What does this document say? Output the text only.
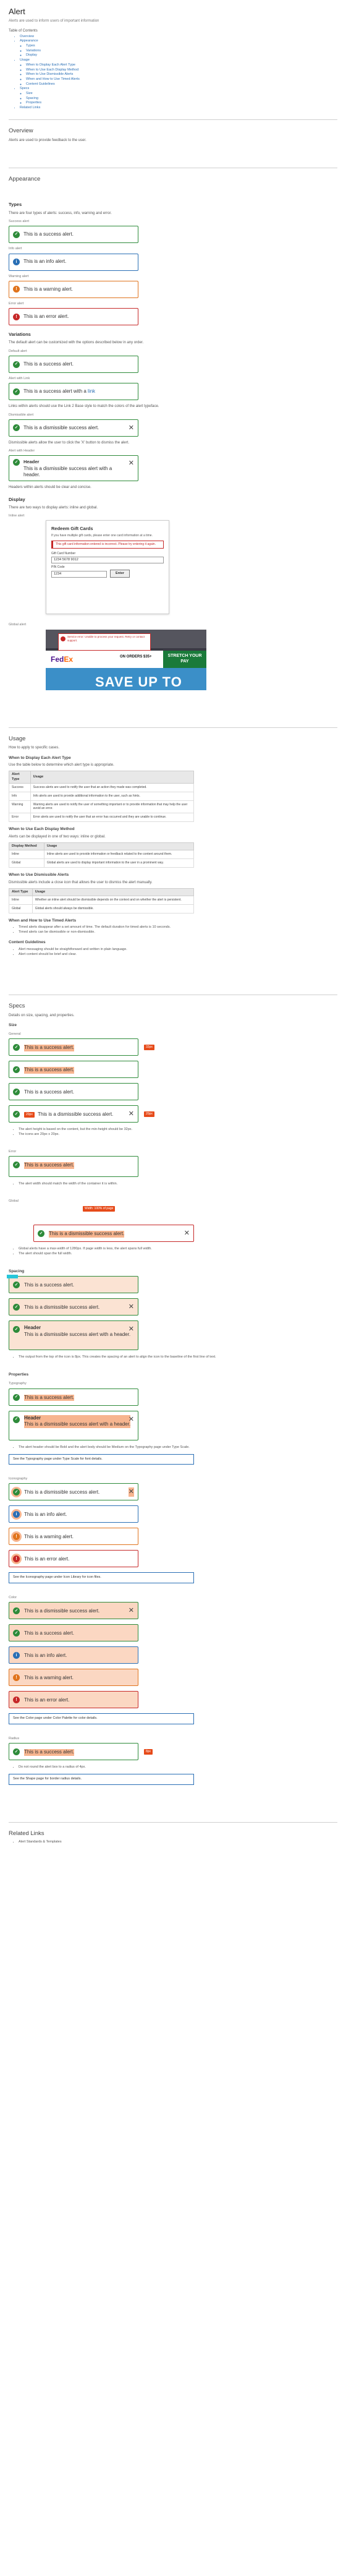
Alert
Alerts are used to inform users of important information
Table of Contents
• Overview
• Appearance
◦ Types
◦ Variations
◦ Display
• Usage
◦ When to Display Each Alert Type
◦ When to Use Each Display Method
◦ When to Use Dismissible Alerts
◦ When and How to Use Timed Alerts
◦ Content Guidelines
• Specs
◦ Size
◦ Spacing
◦ Properties
• Related Links
Overview

Alerts are used to provide feedback to the user.

Appearance
Types

There are four types of alerts: success, info, warning and error.

Success alert
✓	This is a success alert.
Info alert
i	This is an info alert.
Warning alert
!	This is a warning alert.
Error alert
!	This is an error alert.
Variations

The default alert can be customized with the options described below in any order.

Default alert
✓	This is a success alert.
Alert with Link
✓	This is a success alert with a link

Links within alerts should use the Link 2 Base style to match the colors of the alert typeface.

Dismissible alert
✓	This is a dismissible success alert.	✕

Dismissible alerts allow the user to click the 'X' button to dismiss the alert.

Alert with Header
✓	Header
This is a dismissible success alert with a header.
✕

Headers within alerts should be clear and concise.

Display

There are two ways to display alerts: inline and global.

Inline alert
Redeem Gift Cards
If you have multiple gift cards, please enter one card information at a time.
This gift card information entered is incorrect. Please try entering it again.
Gift Card Number
1234 5678 9012
PIN Code
1234	Enter
Global alert
Service error: Unable to process your request. Retry or contact support.
FedEx	ON ORDERS $35+	STRETCH YOUR PAY
SAVE UP TO 45%
Usage

How to apply to specific cases.

When to Display Each Alert Type

Use the table below to determine which alert type is appropriate.

Alert Type	Usage
Success	Success alerts are used to notify the user that an action they made was completed.
Info	Info alerts are used to provide additional information to the user, such as hints.
Warning	Warning alerts are used to notify the user of something important or to provide information that may help the user avoid an error.
Error	Error alerts are used to notify the user that an error has occurred and they are unable to continue.
When to Use Each Display Method

Alerts can be displayed in one of two ways: inline or global.

Display Method	Usage
Inline	Inline alerts are used to provide information or feedback related to the content around them.
Global	Global alerts are used to display important information to the user in a prominent way.
When to Use Dismissible Alerts

Dismissible alerts include a close icon that allows the user to dismiss the alert manually.

Alert Type	Usage
Inline	Whether an inline alert should be dismissible depends on the context and on whether the alert is persistent.
Global	Global alerts should always be dismissible.
When and How to Use Timed Alerts
• Timed alerts disappear after a set amount of time. The default duration for timed alerts is 10 seconds.
• Timed alerts can be dismissible or non-dismissible.
Content Guidelines
• Alert messaging should be straightforward and written in plain language.
• Alert content should be brief and clear.
Specs

Details on size, spacing, and properties.

Size
General
✓	This is a success alert.	32px
✓	This is a success alert.
✓	This is a success alert.
✓	20px	This is a dismissible success alert. ✕	20px
• The alert height is based on the content, but the min-height should be 32px.
• The icons are 20px x 20px.
Error
✓	This is a success alert.
• The alert width should match the width of the container it is within.
Global
Width: 100% of page
✓	This is a dismissible success alert.	✕
• Global alerts have a max-width of 1280px. If page width is less, the alert spans full width.
• The alert should span the full width.
Spacing
✓	This is a success alert.
✓	This is a dismissible success alert.	✕
✓	Header
This is a dismissible success alert with a header.
✕
• The output from the top of the icon is 8px. This creates the spacing of an alert to align the icon to the baseline of the first line of text.
Properties
Typography
✓	This is a success alert.
✓	Header
This is a dismissible success alert with a header.
✕
• The alert header should be Bold and the alert body should be Medium on the Typography page under Type Scale.
See the Typography page under Type Scale for font details.
Iconography
✓	This is a dismissible success alert.	✕
i	This is an info alert.
!	This is a warning alert.
!	This is an error alert.
See the Iconography page under Icon Library for icon files.
Color
✓	This is a dismissible success alert.	✕
✓	This is a success alert.
i	This is an info alert.
!	This is a warning alert.
!	This is an error alert.
See the Color page under Color Palette for color details.
Radius
✓	This is a success alert.	8px
• Do not round the alert box to a radius of 4px.
See the Shape page for border radius details.
Related Links
• Alert Standards & Templates
